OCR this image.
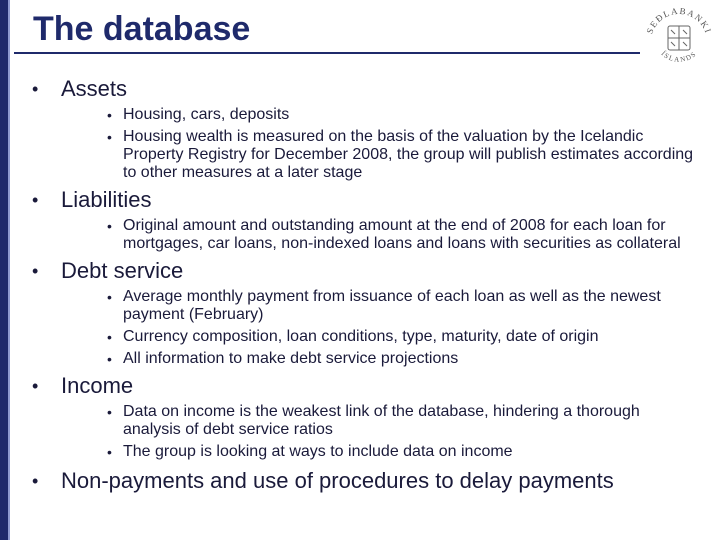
The database	SEÐLABANKI
ÍSLANDS
• Assets
• Housing, cars, deposits
• Housing wealth is measured on the basis of the valuation by the Icelandic Property Registry for December 2008, the group will publish estimates according to other measures at a later stage
• Liabilities
• Original amount and outstanding amount at the end of 2008 for each loan for mortgages, car loans, non-indexed loans and loans with securities as collateral
• Debt service
• Average monthly payment from issuance of each loan as well as the newest payment (February)
• Currency composition, loan conditions, type, maturity, date of origin
• All information to make debt service projections
• Income
• Data on income is the weakest link of the database, hindering a thorough analysis of debt service ratios
• The group is looking at ways to include data on income
• Non-payments and use of procedures to delay payments
